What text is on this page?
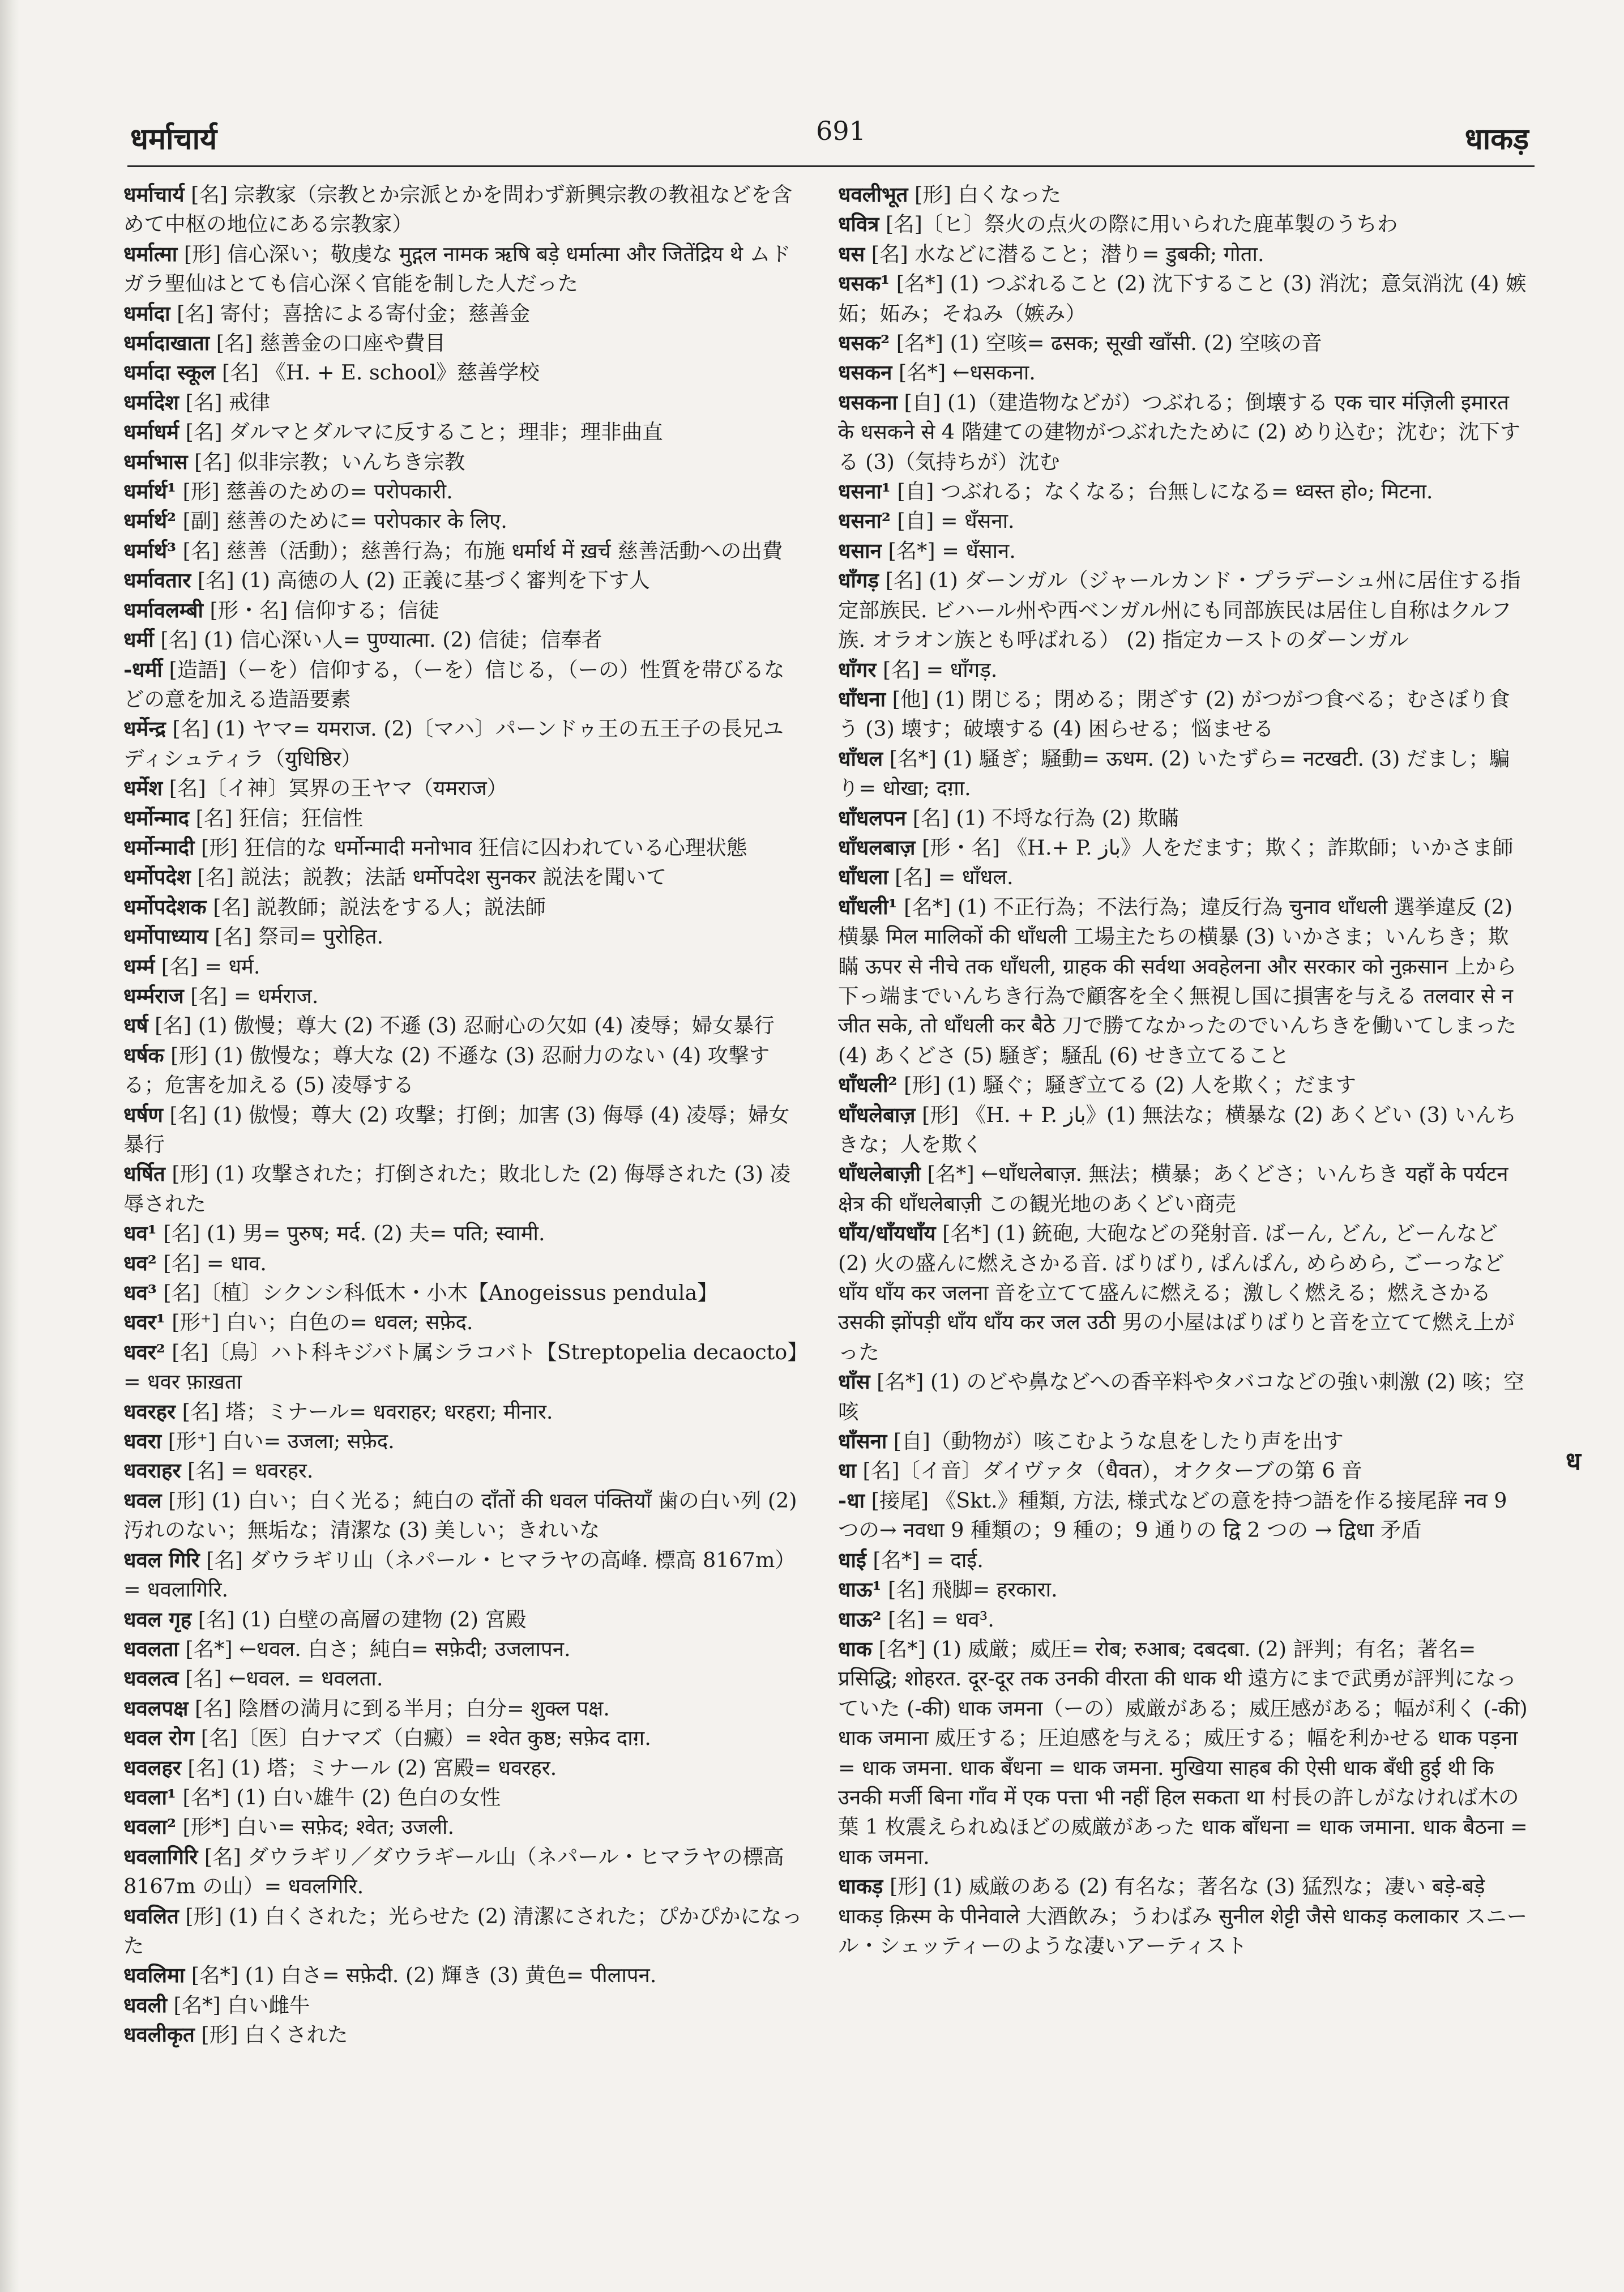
धर्माचार्य	691	धाकड़

धर्माचार्य [名] 宗教家（宗教とか宗派とかを問わず新興宗教の教祖などを含めて中枢の地位にある宗教家）

धर्मात्मा [形] 信心深い；敬虔な मुद्गल नामक ऋषि बड़े धर्मात्मा और जितेंद्रिय थे ムドガラ聖仙はとても信心深く官能を制した人だった

धर्मादा [名] 寄付；喜捨による寄付金；慈善金

धर्मादाखाता [名] 慈善金の口座や費目

धर्मादा स्कूल [名] 《H. + E. school》慈善学校

धर्मादेश [名] 戒律

धर्माधर्म [名] ダルマとダルマに反すること；理非；理非曲直

धर्माभास [名] 似非宗教；いんちき宗教

धर्मार्थ¹ [形] 慈善のための= परोपकारी.

धर्मार्थ² [副] 慈善のために= परोपकार के लिए.

धर्मार्थ³ [名] 慈善（活動）；慈善行為；布施 धर्मार्थ में ख़र्च 慈善活動への出費

धर्मावतार [名] (1) 高徳の人 (2) 正義に基づく審判を下す人

धर्मावलम्बी [形・名] 信仰する；信徒

धर्मी [名] (1) 信心深い人= पुण्यात्मा. (2) 信徒；信奉者

-धर्मी [造語]（ーを）信仰する，（ーを）信じる，（ーの）性質を帯びるなどの意を加える造語要素

धर्मेन्द्र [名] (1) ヤマ= यमराज. (2)〔マハ〕パーンドゥ王の五王子の長兄ユディシュティラ（युधिष्ठिर）

धर्मेश [名]〔イ神〕冥界の王ヤマ（यमराज）

धर्मोन्माद [名] 狂信；狂信性

धर्मोन्मादी [形] 狂信的な धर्मोन्मादी मनोभाव 狂信に囚われている心理状態

धर्मोपदेश [名] 説法；説教；法話 धर्मोपदेश सुनकर 説法を聞いて

धर्मोपदेशक [名] 説教師；説法をする人；説法師

धर्मोपाध्याय [名] 祭司= पुरोहित.

धर्म्म [名] = धर्म.

धर्म्मराज [名] = धर्मराज.

धर्ष [名] (1) 傲慢；尊大 (2) 不遜 (3) 忍耐心の欠如 (4) 凌辱；婦女暴行

धर्षक [形] (1) 傲慢な；尊大な (2) 不遜な (3) 忍耐力のない (4) 攻撃する；危害を加える (5) 凌辱する

धर्षण [名] (1) 傲慢；尊大 (2) 攻撃；打倒；加害 (3) 侮辱 (4) 凌辱；婦女暴行

धर्षित [形] (1) 攻撃された；打倒された；敗北した (2) 侮辱された (3) 凌辱された

धव¹ [名] (1) 男= पुरुष; मर्द. (2) 夫= पति; स्वामी.

धव² [名] = धाव.

धव³ [名]〔植〕シクンシ科低木・小木【Anogeissus pendula】

धवर¹ [形⁺] 白い；白色の= धवल; सफ़ेद.

धवर² [名]〔鳥〕ハト科キジバト属シラコバト【Streptopelia decaocto】= धवर फ़ाख़ता

धवरहर [名] 塔；ミナール= धवराहर; धरहरा; मीनार.

धवरा [形⁺] 白い= उजला; सफ़ेद.

धवराहर [名] = धवरहर.

धवल [形] (1) 白い；白く光る；純白の दाँतों की धवल पंक्तियाँ 歯の白い列 (2) 汚れのない；無垢な；清潔な (3) 美しい；きれいな

धवल गिरि [名] ダウラギリ山（ネパール・ヒマラヤの高峰. 標高 8167m）= धवलागिरि.

धवल गृह [名] (1) 白壁の高層の建物 (2) 宮殿

धवलता [名*] ←धवल. 白さ；純白= सफ़ेदी; उजलापन.

धवलत्व [名] ←धवल. = धवलता.

धवलपक्ष [名] 陰暦の満月に到る半月；白分= शुक्ल पक्ष.

धवल रोग [名]〔医〕白ナマズ（白癜）= श्वेत कुष्ठ; सफ़ेद दाग़.

धवलहर [名] (1) 塔；ミナール (2) 宮殿= धवरहर.

धवला¹ [名*] (1) 白い雄牛 (2) 色白の女性

धवला² [形*] 白い= सफ़ेद; श्वेत; उजली.

धवलागिरि [名] ダウラギリ／ダウラギール山（ネパール・ヒマラヤの標高 8167m の山）= धवलगिरि.

धवलित [形] (1) 白くされた；光らせた (2) 清潔にされた；ぴかぴかになった

धवलिमा [名*] (1) 白さ= सफ़ेदी. (2) 輝き (3) 黄色= पीलापन.

धवली [名*] 白い雌牛

धवलीकृत [形] 白くされた

धवलीभूत [形] 白くなった

धवित्र [名]〔ヒ〕祭火の点火の際に用いられた鹿革製のうちわ

धस [名] 水などに潜ること；潜り= डुबकी; गोता.

धसक¹ [名*] (1) つぶれること (2) 沈下すること (3) 消沈；意気消沈 (4) 嫉妬；妬み；そねみ（嫉み）

धसक² [名*] (1) 空咳= ढसक; सूखी खाँसी. (2) 空咳の音

धसकन [名*] ←धसकना.

धसकना [自] (1)（建造物などが）つぶれる；倒壊する एक चार मंज़िली इमारत के धसकने से 4 階建ての建物がつぶれたために (2) めり込む；沈む；沈下する (3)（気持ちが）沈む

धसना¹ [自] つぶれる；なくなる；台無しになる= ध्वस्त हो०; मिटना.

धसना² [自] = धँसना.

धसान [名*] = धँसान.

धाँगड़ [名] (1) ダーンガル（ジャールカンド・プラデーシュ州に居住する指定部族民. ビハール州や西ベンガル州にも同部族民は居住し自称はクルフ族. オラオン族とも呼ばれる） (2) 指定カーストのダーンガル

धाँगर [名] = धाँगड़.

धाँधना [他] (1) 閉じる；閉める；閉ざす (2) がつがつ食べる；むさぼり食う (3) 壊す；破壊する (4) 困らせる；悩ませる

धाँधल [名*] (1) 騒ぎ；騒動= ऊधम. (2) いたずら= नटखटी. (3) だまし；騙り= धोखा; दग़ा.

धाँधलपन [名] (1) 不埒な行為 (2) 欺瞞

धाँधलबाज़ [形・名] 《H.+ P. باز》人をだます；欺く；詐欺師；いかさま師

धाँधला [名] = धाँधल.

धाँधली¹ [名*] (1) 不正行為；不法行為；違反行為 चुनाव धाँधली 選挙違反 (2) 横暴 मिल मालिकों की धाँधली 工場主たちの横暴 (3) いかさま；いんちき；欺瞞 ऊपर से नीचे तक धाँधली, ग्राहक की सर्वथा अवहेलना और सरकार को नुक़सान 上から下っ端までいんちき行為で顧客を全く無視し国に損害を与える तलवार से न जीत सके, तो धाँधली कर बैठे 刀で勝てなかったのでいんちきを働いてしまった (4) あくどさ (5) 騒ぎ；騒乱 (6) せき立てること

धाँधली² [形] (1) 騒ぐ；騒ぎ立てる (2) 人を欺く；だます

धाँधलेबाज़ [形] 《H. + P. باز》(1) 無法な；横暴な (2) あくどい (3) いんちきな；人を欺く

धाँधलेबाज़ी [名*] ←धाँधलेबाज़. 無法；横暴；あくどさ；いんちき यहाँ के पर्यटन क्षेत्र की धाँधलेबाज़ी この観光地のあくどい商売

धाँय/धाँयधाँय [名*] (1) 銃砲, 大砲などの発射音. ばーん, どん, どーんなど (2) 火の盛んに燃えさかる音. ばりばり, ぱんぱん, めらめら, ごーっなど धाँय धाँय कर जलना 音を立てて盛んに燃える；激しく燃える；燃えさかる उसकी झोंपड़ी धाँय धाँय कर जल उठी 男の小屋はばりばりと音を立てて燃え上がった

धाँस [名*] (1) のどや鼻などへの香辛料やタバコなどの強い刺激 (2) 咳；空咳

धाँसना [自]（動物が）咳こむような息をしたり声を出す

धा [名]〔イ音〕ダイヴァタ（धैवत），オクターブの第 6 音

-धा [接尾] 《Skt.》種類, 方法, 様式などの意を持つ語を作る接尾辞 नव 9 つの→ नवधा 9 種類の；9 種の；9 通りの द्वि 2 つの → द्विधा 矛盾

धाई [名*] = दाई.

धाऊ¹ [名] 飛脚= हरकारा.

धाऊ² [名] = धव³.

धाक [名*] (1) 威厳；威圧= रोब; रुआब; दबदबा. (2) 評判；有名；著名= प्रसिद्धि; शोहरत. दूर-दूर तक उनकी वीरता की धाक थी 遠方にまで武勇が評判になっていた (-की) धाक जमना（ーの）威厳がある；威圧感がある；幅が利く (-की) धाक जमाना 威圧する；圧迫感を与える；威圧する；幅を利かせる धाक पड़ना = धाक जमना. धाक बँधना = धाक जमना. मुखिया साहब की ऐसी धाक बँधी हुई थी कि उनकी मर्जी बिना गाँव में एक पत्ता भी नहीं हिल सकता था 村長の許しがなければ木の葉 1 枚震えられぬほどの威厳があった धाक बाँधना = धाक जमाना. धाक बैठना = धाक जमना.

धाकड़ [形] (1) 威厳のある (2) 有名な；著名な (3) 猛烈な；凄い बड़े-बड़े धाकड़ क़िस्म के पीनेवाले 大酒飲み；うわばみ सुनील शेट्टी जैसे धाकड़ कलाकार スニール・シェッティーのような凄いアーティスト

ध
